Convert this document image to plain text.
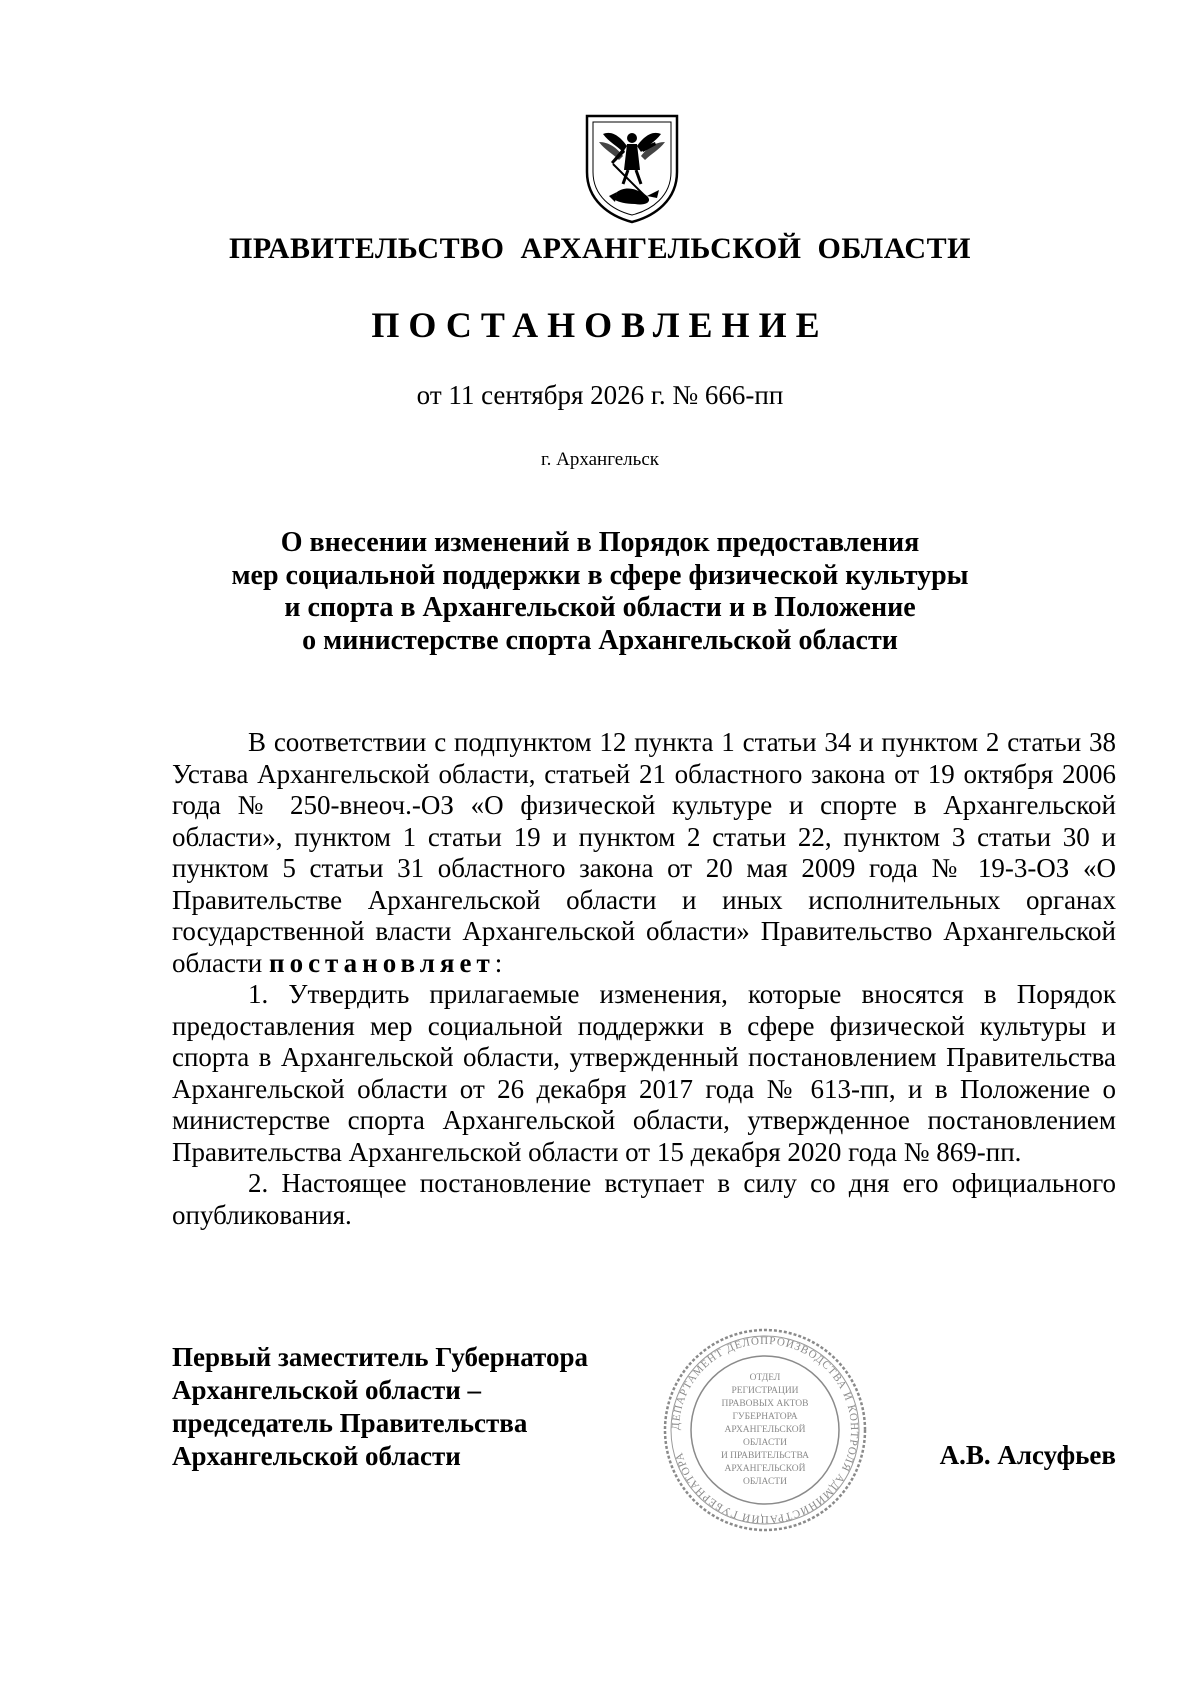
ПРАВИТЕЛЬСТВО АРХАНГЕЛЬСКОЙ ОБЛАСТИ
ПОСТАНОВЛЕНИЕ
от 11 сентября 2026 г. № 666-пп
г. Архангельск
О внесении изменений в Порядок предоставления
мер социальной поддержки в сфере физической культуры
и спорта в Архангельской области и в Положение
о министерстве спорта Архангельской области

В соответствии с подпунктом 12 пункта 1 статьи 34 и пунктом 2 статьи 38 Устава Архангельской области, статьей 21 областного закона от 19 октября 2006 года № 250-внеоч.-ОЗ «О физической культуре и спорте в Архангельской области», пунктом 1 статьи 19 и пунктом 2 статьи 22, пунктом 3 статьи 30 и пунктом 5 статьи 31 областного закона от 20 мая 2009 года № 19-3-ОЗ «О Правительстве Архангельской области и иных исполнительных органах государственной власти Архангельской области» Правительство Архангельской области постановляет:

1. Утвердить прилагаемые изменения, которые вносятся в Порядок предоставления мер социальной поддержки в сфере физической культуры и спорта в Архангельской области, утвержденный постановлением Правительства Архангельской области от 26 декабря 2017 года № 613-пп, и в Положение о министерстве спорта Архангельской области, утвержденное постановлением Правительства Архангельской области от 15 декабря 2020 года № 869-пп.

2. Настоящее постановление вступает в силу со дня его официального опубликования.

Первый заместитель Губернатора
Архангельской области –
председатель Правительства
Архангельской области
ДЕПАРТАМЕНТ ДЕЛОПРОИЗВОДСТВА И КОНТРОЛЯ АДМИНИСТРАЦИИ ГУБЕРНАТОРА
ОТДЕЛ
РЕГИСТРАЦИИ
ПРАВОВЫХ АКТОВ
ГУБЕРНАТОРА
АРХАНГЕЛЬСКОЙ
ОБЛАСТИ
И ПРАВИТЕЛЬСТВА
АРХАНГЕЛЬСКОЙ
ОБЛАСТИ
А.В. Алсуфьев
